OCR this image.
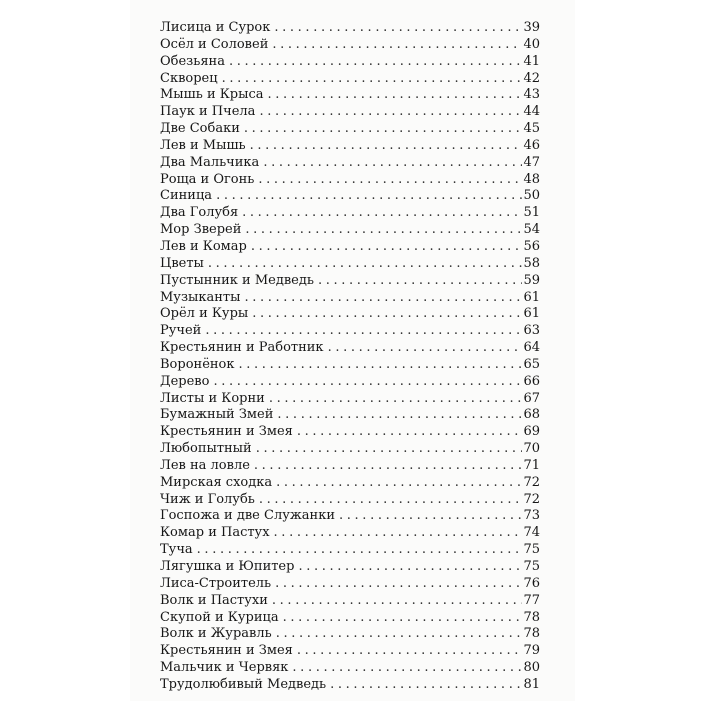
Лисица и Сурок . . .	39
Осёл и Соловей . . .	40
Обезьяна . . .	41
Скворец . . .	42
Мышь и Крыса . . .	43
Паук и Пчела . . .	44
Две Собаки . . .	45
Лев и Мышь . . .	46
Два Мальчика . . .	47
Роща и Огонь . . .	48
Синица . . .	50
Два Голубя . . .	51
Мор Зверей . . .	54
Лев и Комар . . .	56
Цветы . . .	58
Пустынник и Медведь . . .	59
Музыканты . . .	61
Орёл и Куры . . .	61
Ручей . . .	63
Крестьянин и Работник . . .	64
Воронёнок . . .	65
Дерево . . .	66
Листы и Корни . . .	67
Бумажный Змей . . .	68
Крестьянин и Змея . . .	69
Любопытный . . .	70
Лев на ловле . . .	71
Мирская сходка . . .	72
Чиж и Голубь . . .	72
Госпожа и две Служанки . . .	73
Комар и Пастух . . .	74
Туча . . .	75
Лягушка и Юпитер . . .	75
Лиса-Строитель . . .	76
Волк и Пастухи . . .	77
Скупой и Курица . . .	78
Волк и Журавль . . .	78
Крестьянин и Змея . . .	79
Мальчик и Червяк . . .	80
Трудолюбивый Медведь . . .	81
